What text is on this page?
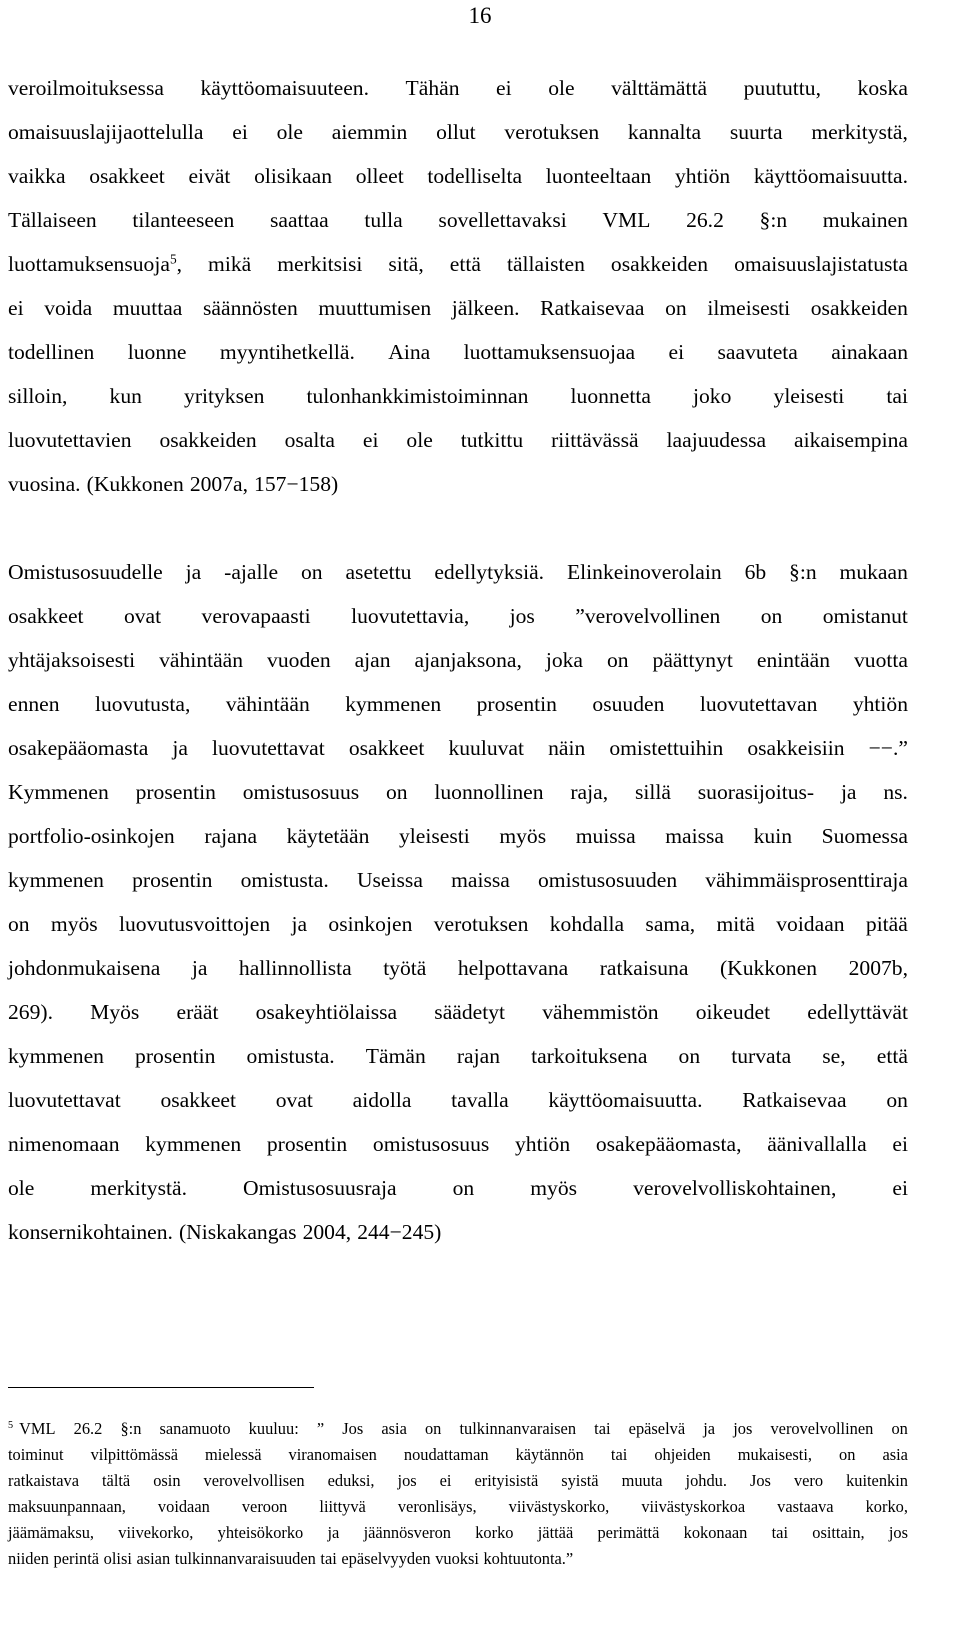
16
veroilmoituksessa käyttöomaisuuteen. Tähän ei ole välttämättä puututtu, koska
omaisuuslajijaottelulla ei ole aiemmin ollut verotuksen kannalta suurta merkitystä,
vaikka osakkeet eivät olisikaan olleet todelliselta luonteeltaan yhtiön käyttöomaisuutta.
Tällaiseen tilanteeseen saattaa tulla sovellettavaksi VML 26.2 §:n mukainen
luottamuksensuoja$^5$, mikä merkitsisi sitä, että tällaisten osakkeiden omaisuuslajistatusta
ei voida muuttaa säännösten muuttumisen jälkeen. Ratkaisevaa on ilmeisesti osakkeiden
todellinen luonne myyntihetkellä. Aina luottamuksensuojaa ei saavuteta ainakaan
silloin, kun yrityksen tulonhankkimistoiminnan luonnetta joko yleisesti tai
luovutettavien osakkeiden osalta ei ole tutkittu riittävässä laajuudessa aikaisempina
vuosina. (Kukkonen 2007a, 157−158)
Omistusosuudelle ja -ajalle on asetettu edellytyksiä. Elinkeinoverolain 6b §:n mukaan
osakkeet ovat verovapaasti luovutettavia, jos ”verovelvollinen on omistanut
yhtäjaksoisesti vähintään vuoden ajan ajanjaksona, joka on päättynyt enintään vuotta
ennen luovutusta, vähintään kymmenen prosentin osuuden luovutettavan yhtiön
osakepääomasta ja luovutettavat osakkeet kuuluvat näin omistettuihin osakkeisiin −−.”
Kymmenen prosentin omistusosuus on luonnollinen raja, sillä suorasijoitus- ja ns.
portfolio-osinkojen rajana käytetään yleisesti myös muissa maissa kuin Suomessa
kymmenen prosentin omistusta. Useissa maissa omistusosuuden vähimmäisprosenttiraja
on myös luovutusvoittojen ja osinkojen verotuksen kohdalla sama, mitä voidaan pitää
johdonmukaisena ja hallinnollista työtä helpottavana ratkaisuna (Kukkonen 2007b,
269). Myös eräät osakeyhtiölaissa säädetyt vähemmistön oikeudet edellyttävät
kymmenen prosentin omistusta. Tämän rajan tarkoituksena on turvata se, että
luovutettavat osakkeet ovat aidolla tavalla käyttöomaisuutta. Ratkaisevaa on
nimenomaan kymmenen prosentin omistusosuus yhtiön osakepääomasta, äänivallalla ei
ole	merkitystä.	Omistusosuusraja	on	myös	verovelvolliskohtainen,	ei
konsernikohtainen. (Niskakangas 2004, 244−245)
$^5$ VML 26.2 §:n sanamuoto kuuluu: ” Jos asia on tulkinnanvaraisen tai epäselvä ja jos verovelvollinen on
toiminut vilpittömässä mielessä viranomaisen noudattaman käytännön tai ohjeiden mukaisesti, on asia
ratkaistava tältä osin verovelvollisen eduksi, jos ei erityisistä syistä muuta johdu. Jos vero kuitenkin
maksuunpannaan, voidaan veroon liittyvä veronlisäys, viivästyskorko, viivästyskorkoa vastaava korko,
jäämämaksu, viivekorko, yhteisökorko ja jäännösveron korko jättää perimättä kokonaan tai osittain, jos
niiden perintä olisi asian tulkinnanvaraisuuden tai epäselvyyden vuoksi kohtuutonta.”
